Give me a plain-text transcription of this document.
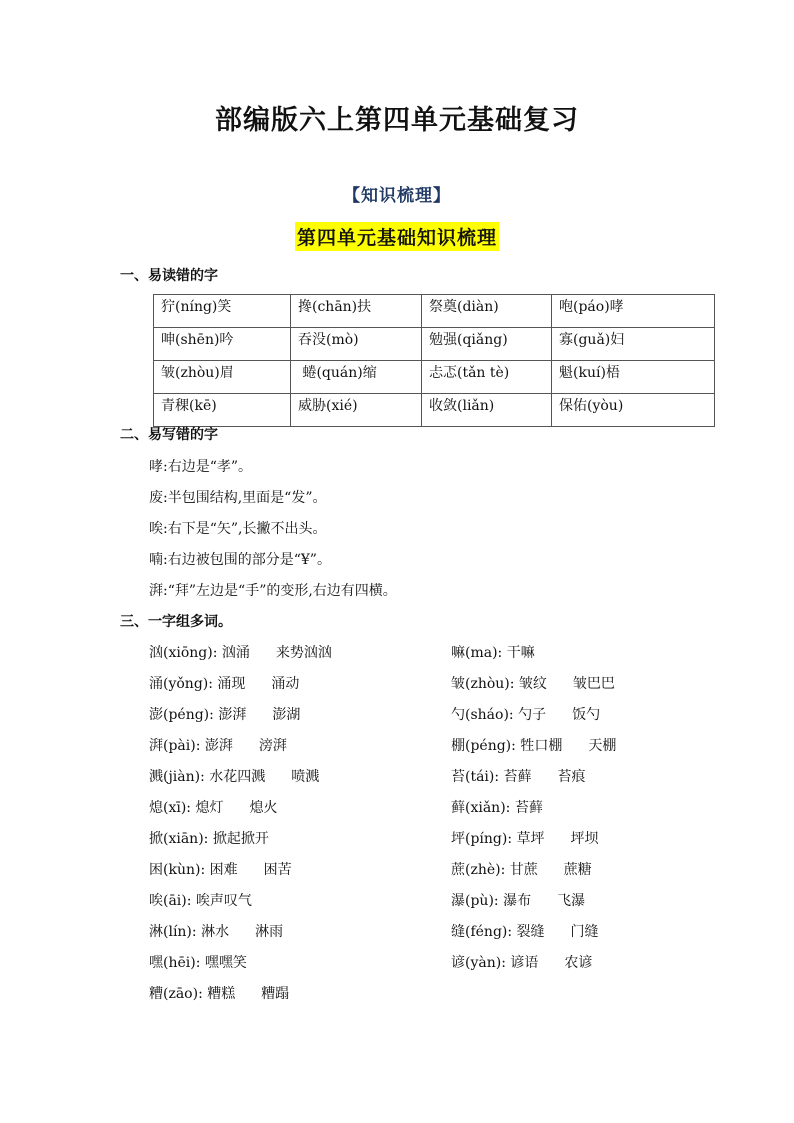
部编版六上第四单元基础复习
【知识梳理】
第四单元基础知识梳理
一、易读错的字
狞(níng)笑	搀(chān)扶	祭奠(diàn)	咆(páo)哮
呻(shēn)吟	吞没(mò)	勉强(qiǎng)	寡(guǎ)妇
皱(zhòu)眉	蜷(quán)缩	忐忑(tǎn tè)	魁(kuí)梧
青稞(kē)	威胁(xié)	收敛(liǎn)	保佑(yòu)
二、易写错的字
哮:右边是“孝”。
废:半包围结构,里面是“发”。
唉:右下是“矢”,长撇不出头。
喃:右边被包围的部分是“¥”。
湃:“拜”左边是“手”的变形,右边有四横。
三、一字组多词。
汹(xiōng): 汹涌 来势汹汹
涌(yǒng): 涌现 涌动
澎(péng): 澎湃 澎湖
湃(pài): 澎湃 滂湃
溅(jiàn): 水花四溅 喷溅
熄(xī): 熄灯 熄火
掀(xiān): 掀起掀开
困(kùn): 困难 困苦
唉(āi): 唉声叹气
淋(lín): 淋水 淋雨
嘿(hēi): 嘿嘿笑
糟(zāo): 糟糕 糟蹋
嘛(ma): 干嘛
皱(zhòu): 皱纹 皱巴巴
勺(sháo): 勺子 饭勺
棚(péng): 牲口棚 天棚
苔(tái): 苔藓 苔痕
藓(xiǎn): 苔藓
坪(píng): 草坪 坪坝
蔗(zhè): 甘蔗 蔗糖
瀑(pù): 瀑布 飞瀑
缝(féng): 裂缝 门缝
谚(yàn): 谚语 农谚
